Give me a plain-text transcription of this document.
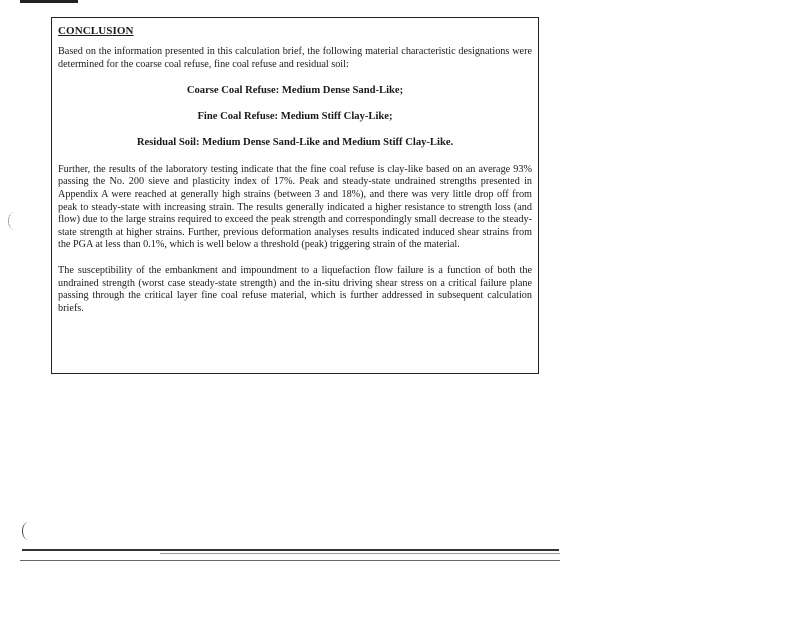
CONCLUSION

Based on the information presented in this calculation brief, the following material characteristic designations were determined for the coarse coal refuse, fine coal refuse and residual soil:

Coarse Coal Refuse: Medium Dense Sand-Like;
Fine Coal Refuse: Medium Stiff Clay-Like;
Residual Soil: Medium Dense Sand-Like and Medium Stiff Clay-Like.

Further, the results of the laboratory testing indicate that the fine coal refuse is clay-like based on an average 93% passing the No. 200 sieve and plasticity index of 17%. Peak and steady-state undrained strengths presented in Appendix A were reached at generally high strains (between 3 and 18%), and there was very little drop off from peak to steady-state with increasing strain. The results generally indicated a higher resistance to strength loss (and flow) due to the large strains required to exceed the peak strength and correspondingly small decrease to the steady-state strength at higher strains. Further, previous deformation analyses results indicated induced shear strains from the PGA at less than 0.1%, which is well below a threshold (peak) triggering strain of the material.

The susceptibility of the embankment and impoundment to a liquefaction flow failure is a function of both the undrained strength (worst case steady-state strength) and the in-situ driving shear stress on a critical failure plane passing through the critical layer fine coal refuse material, which is further addressed in subsequent calculation briefs.
